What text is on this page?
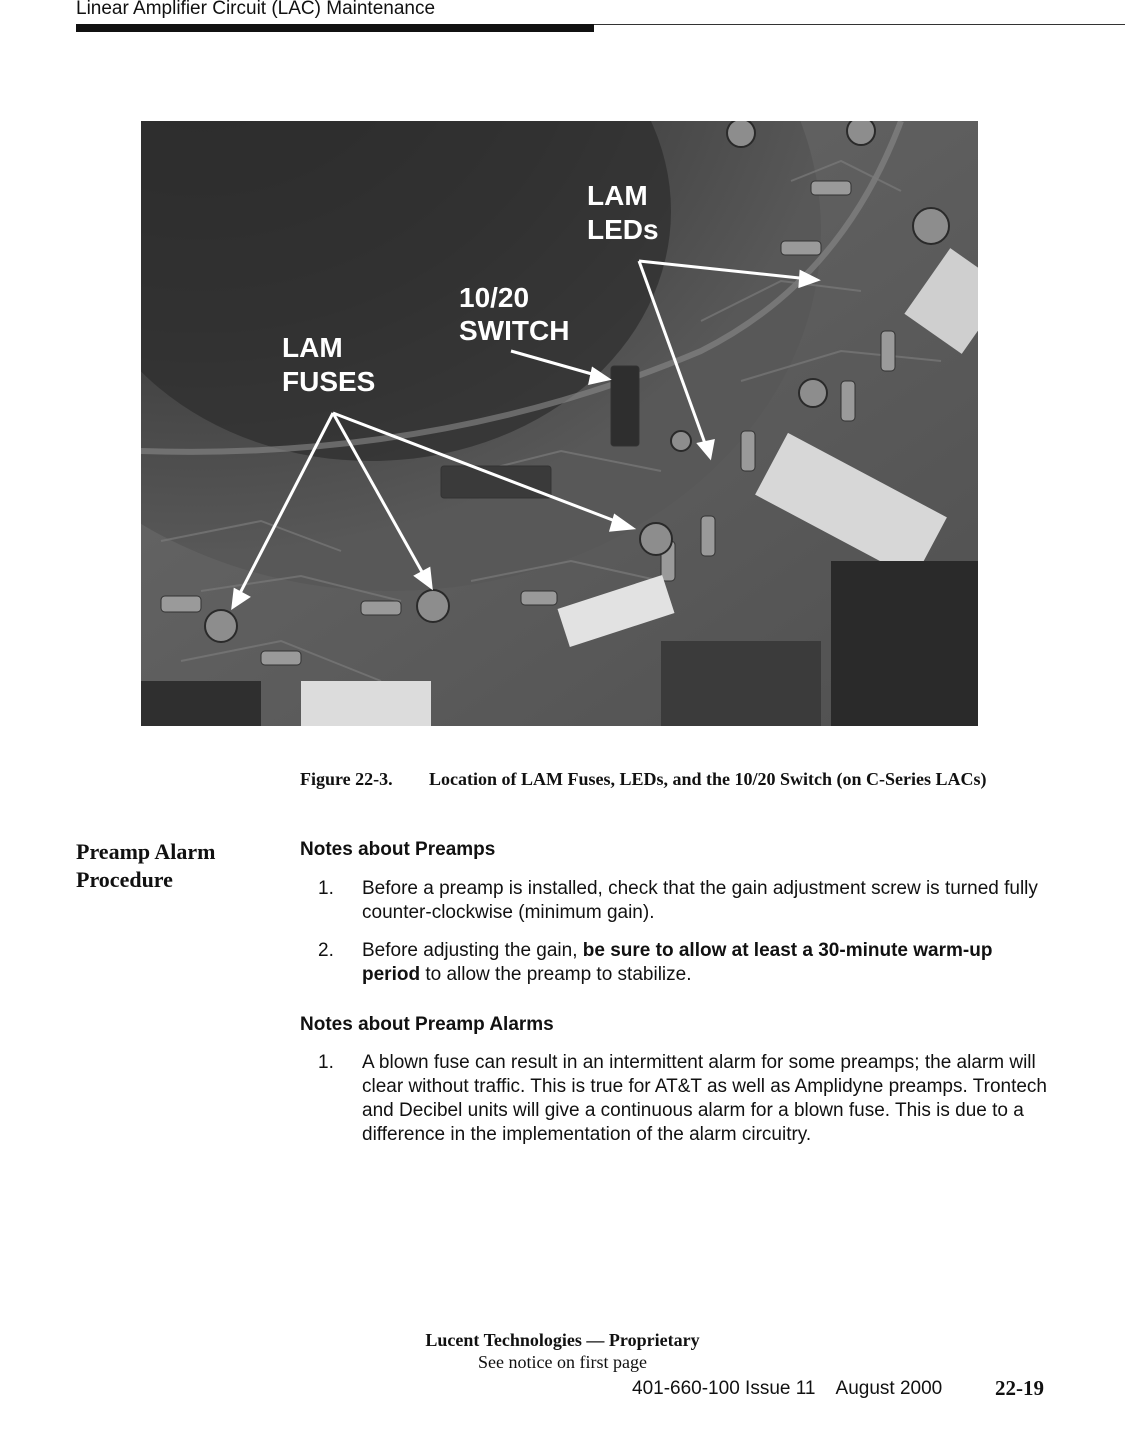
Linear Amplifier Circuit (LAC) Maintenance
LAM
LEDs
10/20
SWITCH
LAM
FUSES
Figure 22-3. Location of LAM Fuses, LEDs, and the 10/20 Switch (on C-Series LACs)
Preamp Alarm Procedure
Notes about Preamps
1. Before a preamp is installed, check that the gain adjustment screw is turned fully counter-clockwise (minimum gain).
2. Before adjusting the gain, be sure to allow at least a 30-minute warm-up period to allow the preamp to stabilize.
Notes about Preamp Alarms
1. A blown fuse can result in an intermittent alarm for some preamps; the alarm will clear without traffic. This is true for AT&T as well as Amplidyne preamps. Trontech and Decibel units will give a continuous alarm for a blown fuse. This is due to a difference in the implementation of the alarm circuitry.
Lucent Technologies — Proprietary
See notice on first page
401-660-100 Issue 11    August 2000	22-19
